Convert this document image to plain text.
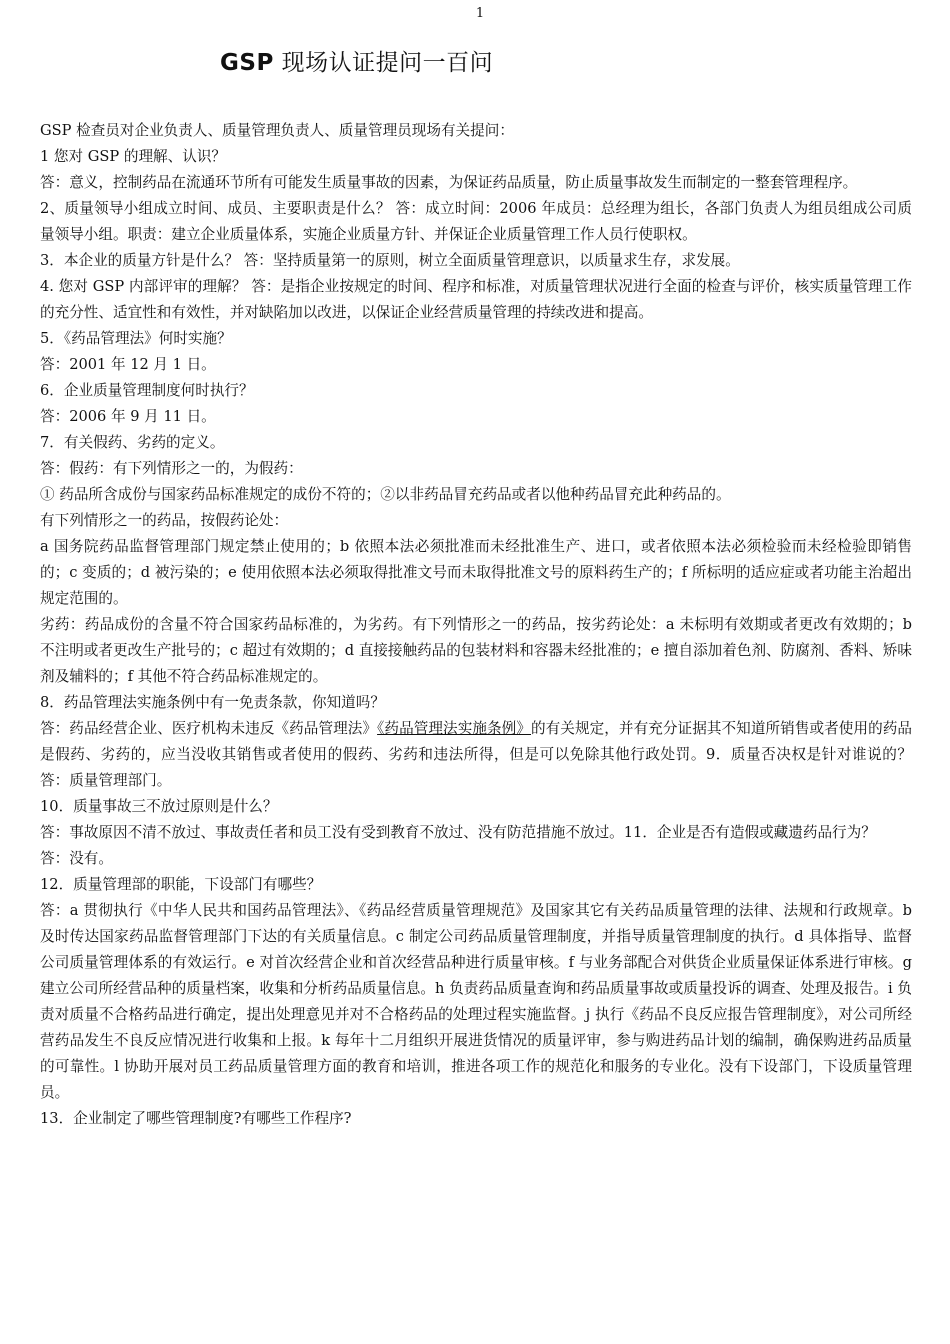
1
GSP 现场认证提问一百问

GSP 检查员对企业负责人、质量管理负责人、质量管理员现场有关提问：

1 您对 GSP 的理解、认识？

答：意义，控制药品在流通环节所有可能发生质量事故的因素，为保证药品质量，防止质量事故发生而制定的一整套管理程序。

2、质量领导小组成立时间、成员、主要职责是什么？ 答：成立时间：2006 年成员：总经理为组长，各部门负责人为组员组成公司质量领导小组。职责：建立企业质量体系，实施企业质量方针、并保证企业质量管理工作人员行使职权。

3．本企业的质量方针是什么？ 答：坚持质量第一的原则，树立全面质量管理意识，以质量求生存，求发展。

4. 您对 GSP 内部评审的理解？ 答：是指企业按规定的时间、程序和标准，对质量管理状况进行全面的检查与评价，核实质量管理工作的充分性、适宜性和有效性，并对缺陷加以改进，以保证企业经营质量管理的持续改进和提高。

5．《药品管理法》何时实施？

答：2001 年 12 月 1 日。

6．企业质量管理制度何时执行？

答：2006 年 9 月 11 日。

7．有关假药、劣药的定义。

答：假药：有下列情形之一的，为假药：

① 药品所含成份与国家药品标准规定的成份不符的；②以非药品冒充药品或者以他种药品冒充此种药品的。

有下列情形之一的药品，按假药论处：

a 国务院药品监督管理部门规定禁止使用的；b 依照本法必须批准而未经批准生产、进口，或者依照本法必须检验而未经检验即销售的；c 变质的；d 被污染的；e 使用依照本法必须取得批准文号而未取得批准文号的原料药生产的；f 所标明的适应症或者功能主治超出规定范围的。

劣药：药品成份的含量不符合国家药品标准的，为劣药。有下列情形之一的药品，按劣药论处：a 未标明有效期或者更改有效期的；b 不注明或者更改生产批号的；c 超过有效期的；d 直接接触药品的包装材料和容器未经批准的；e 擅自添加着色剂、防腐剂、香料、矫味剂及辅料的；f 其他不符合药品标准规定的。

8．药品管理法实施条例中有一免责条款，你知道吗？

答：药品经营企业、医疗机构未违反《药品管理法》《药品管理法实施条例》的有关规定，并有充分证据其不知道所销售或者使用的药品是假药、劣药的，应当没收其销售或者使用的假药、劣药和违法所得，但是可以免除其他行政处罚。9．质量否决权是针对谁说的？ 答：质量管理部门。

10．质量事故三不放过原则是什么？

答：事故原因不清不放过、事故责任者和员工没有受到教育不放过、没有防范措施不放过。11．企业是否有造假或藏遗药品行为？

答：没有。

12．质量管理部的职能，下设部门有哪些？

答：a 贯彻执行《中华人民共和国药品管理法》、《药品经营质量管理规范》及国家其它有关药品质量管理的法律、法规和行政规章。b 及时传达国家药品监督管理部门下达的有关质量信息。c 制定公司药品质量管理制度，并指导质量管理制度的执行。d 具体指导、监督公司质量管理体系的有效运行。e 对首次经营企业和首次经营品种进行质量审核。f 与业务部配合对供货企业质量保证体系进行审核。g 建立公司所经营品种的质量档案，收集和分析药品质量信息。h 负责药品质量查询和药品质量事故或质量投诉的调查、处理及报告。i 负责对质量不合格药品进行确定，提出处理意见并对不合格药品的处理过程实施监督。j 执行《药品不良反应报告管理制度》，对公司所经营药品发生不良反应情况进行收集和上报。k 每年十二月组织开展进货情况的质量评审，参与购进药品计划的编制，确保购进药品质量的可靠性。l 协助开展对员工药品质量管理方面的教育和培训，推进各项工作的规范化和服务的专业化。没有下设部门，下设质量管理员。

13．企业制定了哪些管理制度?有哪些工作程序?
